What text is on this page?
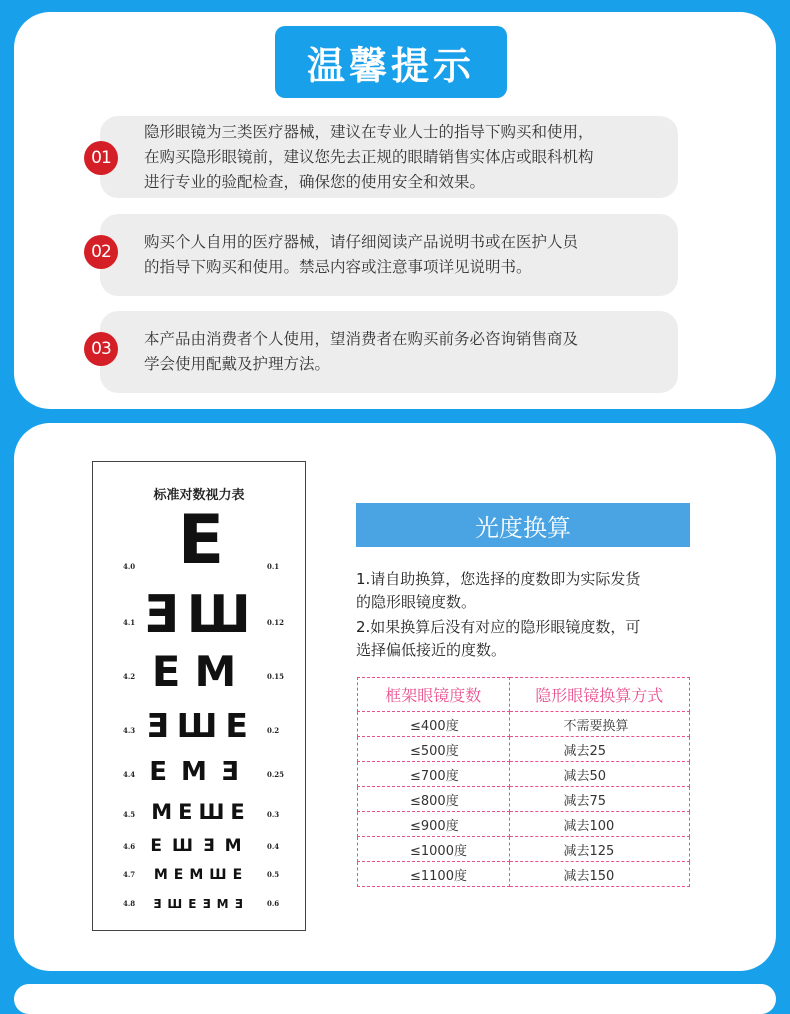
温馨提示
隐形眼镜为三类医疗器械，建议在专业人士的指导下购买和使用，
在购买隐形眼镜前，建议您先去正规的眼睛销售实体店或眼科机构
进行专业的验配检查，确保您的使用安全和效果。
01
购买个人自用的医疗器械，请仔细阅读产品说明书或在医护人员
的指导下购买和使用。禁忌内容或注意事项详见说明书。
02
本产品由消费者个人使用，望消费者在购买前务必咨询销售商及
学会使用配戴及护理方法。
03
标准对数视力表
4.0 E	0.1
4.1 ƎШ	0.12
4.2 EM	0.15
4.3 ƎШE	0.2
4.4 EMƎ	0.25
4.5 MEШE	0.3
4.6 EШƎM	0.4
4.7	MEMШE	0.5
4.8	ƎШEƎMƎ	0.6
光度换算
1.请自助换算，您选择的度数即为实际发货
的隐形眼镜度数。
2.如果换算后没有对应的隐形眼镜度数，可
选择偏低接近的度数。
框架眼镜度数	隐形眼镜换算方式
≤400度	不需要换算
≤500度	减去25
≤700度	减去50
≤800度	减去75
≤900度	减去100
≤1000度	减去125
≤1100度	减去150
